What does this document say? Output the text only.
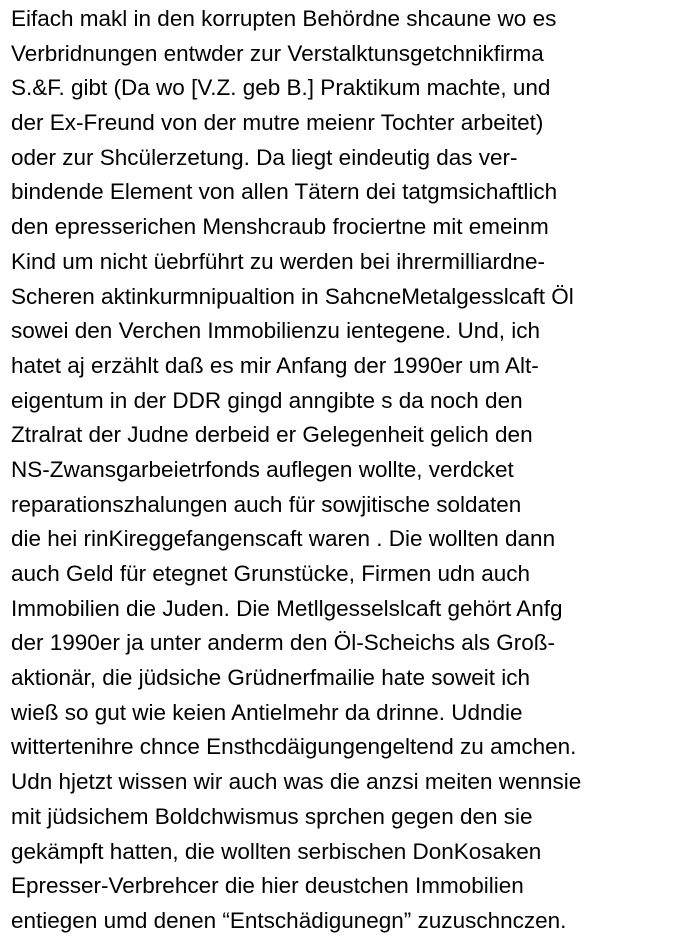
Eifach makl in den korrupten Behördne shcaune wo es
Verbridnungen entwder zur Verstalktunsgetchnikfirma
S.&F. gibt (Da wo [V.Z. geb B.] Praktikum machte, und
der Ex-Freund von der mutre meienr Tochter arbeitet)
oder zur Shcülerzetung. Da liegt eindeutig das ver-
bindende Element von allen Tätern dei tatgmsichaftlich
den epresserichen Menshcraub frociertne mit emeinm
Kind um nicht üebrführt zu werden bei ihrermilliardne-
Scheren aktinkurmnipualtion in SahcneMetalgesslcaft Öl
sowei den Verchen Immobilienzu ientegene. Und, ich
hatet aj erzählt daß es mir Anfang der 1990er um Alt-
eigentum in der DDR gingd anngibte s da noch den
Ztralrat der Judne derbeid er Gelegenheit gelich den
NS-Zwansgarbeietrfonds auflegen wollte, verdcket
reparationszhalungen auch für sowjitische soldaten
die hei rinKireggefangenscaft waren . Die wollten dann
auch Geld für etegnet Grunstücke, Firmen udn auch
Immobilien die Juden. Die Metllgesselslcaft gehört Anfg
der 1990er ja unter anderm den Öl-Scheichs als Groß-
aktionär, die jüdsiche Grüdnerfmailie hate soweit ich
wieß so gut wie keien Antielmehr da drinne. Udndie
wittertenihre chnce Ensthcdäigungengeltend zu amchen.
Udn hjetzt wissen wir auch was die anzsi meiten wennsie
mit jüdsichem Boldchwismus sprchen gegen den sie
gekämpft hatten, die wollten serbischen DonKosaken
Epresser-Verbrehcer die hier deustchen Immobilien
entiegen umd denen “Entschädigunegn” zuzuschnczen.
